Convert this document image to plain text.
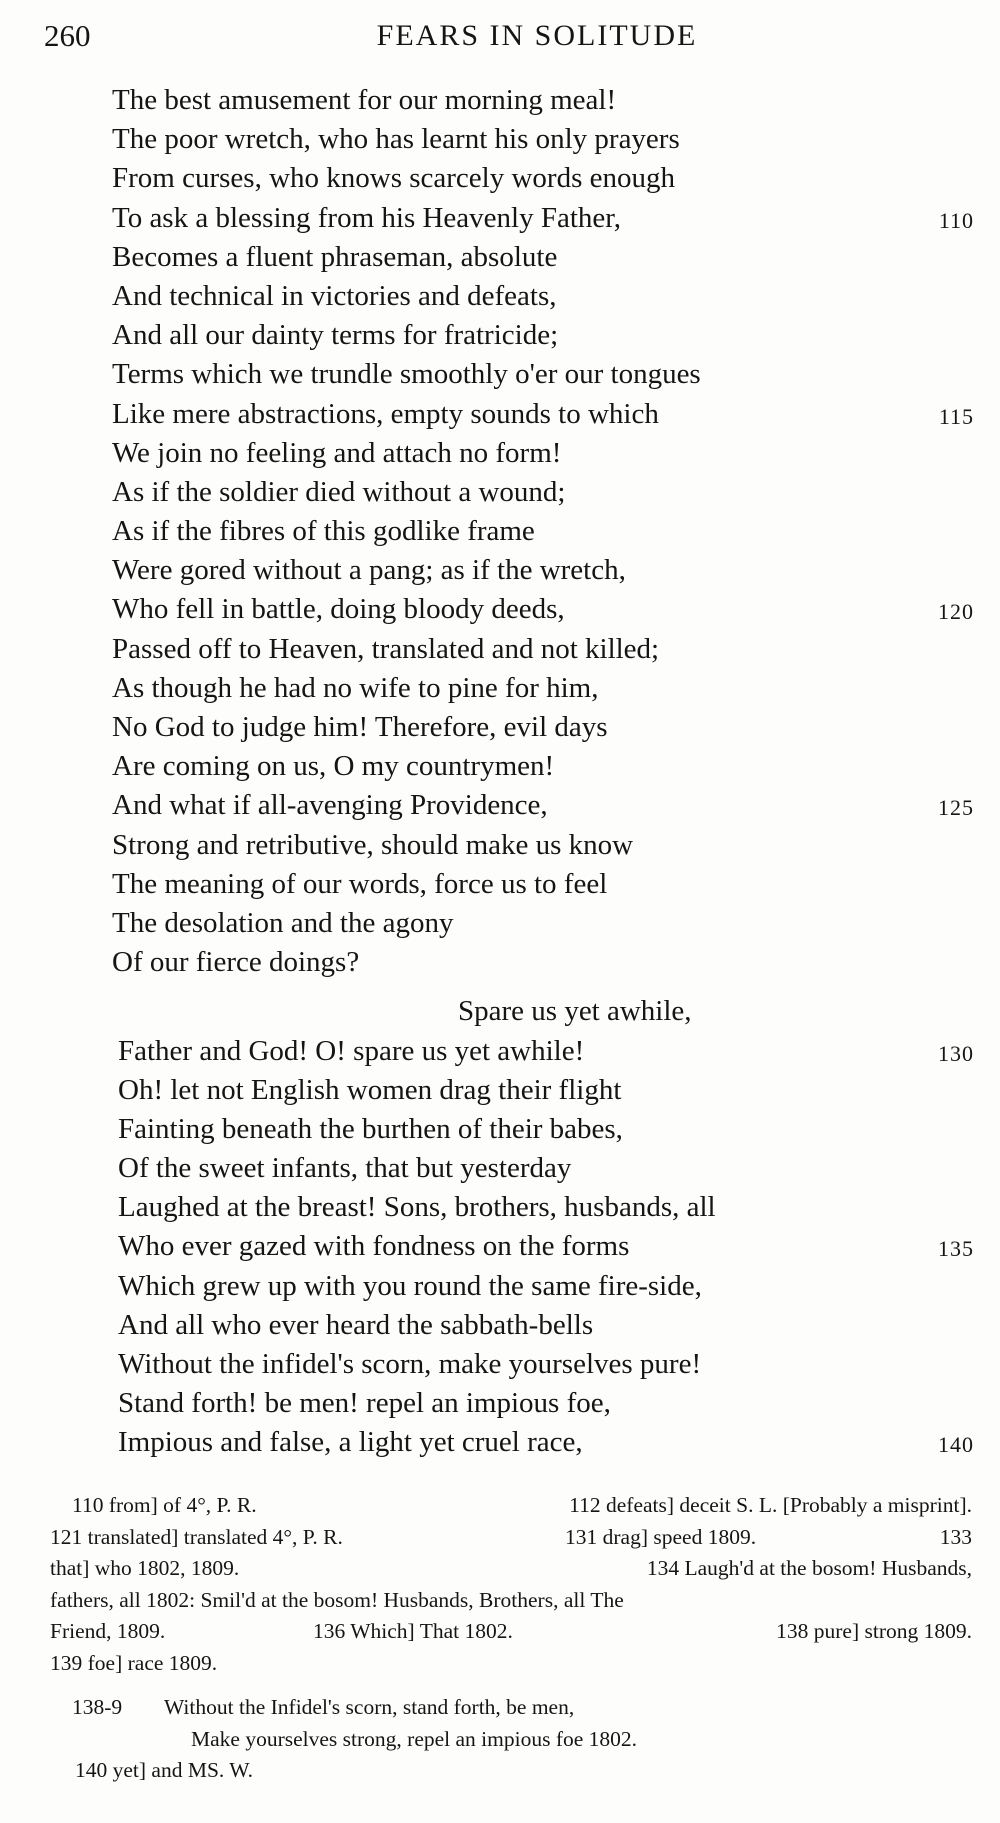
260	FEARS IN SOLITUDE
The best amusement for our morning meal!
The poor wretch, who has learnt his only prayers
From curses, who knows scarcely words enough
To ask a blessing from his Heavenly Father,	110
Becomes a fluent phraseman, absolute
And technical in victories and defeats,
And all our dainty terms for fratricide;
Terms which we trundle smoothly o'er our tongues
Like mere abstractions, empty sounds to which	115
We join no feeling and attach no form!
As if the soldier died without a wound;
As if the fibres of this godlike frame
Were gored without a pang; as if the wretch,
Who fell in battle, doing bloody deeds,	120
Passed off to Heaven, translated and not killed;
As though he had no wife to pine for him,
No God to judge him! Therefore, evil days
Are coming on us, O my countrymen!
And what if all-avenging Providence,	125
Strong and retributive, should make us know
The meaning of our words, force us to feel
The desolation and the agony
Of our fierce doings?
Spare us yet awhile,
Father and God! O! spare us yet awhile!	130
Oh! let not English women drag their flight
Fainting beneath the burthen of their babes,
Of the sweet infants, that but yesterday
Laughed at the breast! Sons, brothers, husbands, all
Who ever gazed with fondness on the forms	135
Which grew up with you round the same fire-side,
And all who ever heard the sabbath-bells
Without the infidel's scorn, make yourselves pure!
Stand forth! be men! repel an impious foe,
Impious and false, a light yet cruel race,	140
110 from] of 4°, P. R.	112 defeats] deceit S. L. [Probably a misprint].
121 translated] translated 4°, P. R.	131 drag] speed 1809.	133
that] who 1802, 1809.	134 Laugh'd at the bosom! Husbands,
fathers, all 1802: Smil'd at the bosom! Husbands, Brothers, all The
Friend, 1809.	136 Which] That 1802.	138 pure] strong 1809.
139 foe] race 1809.
138-9 Without the Infidel's scorn, stand forth, be men,
Make yourselves strong, repel an impious foe 1802.
140 yet] and MS. W.
